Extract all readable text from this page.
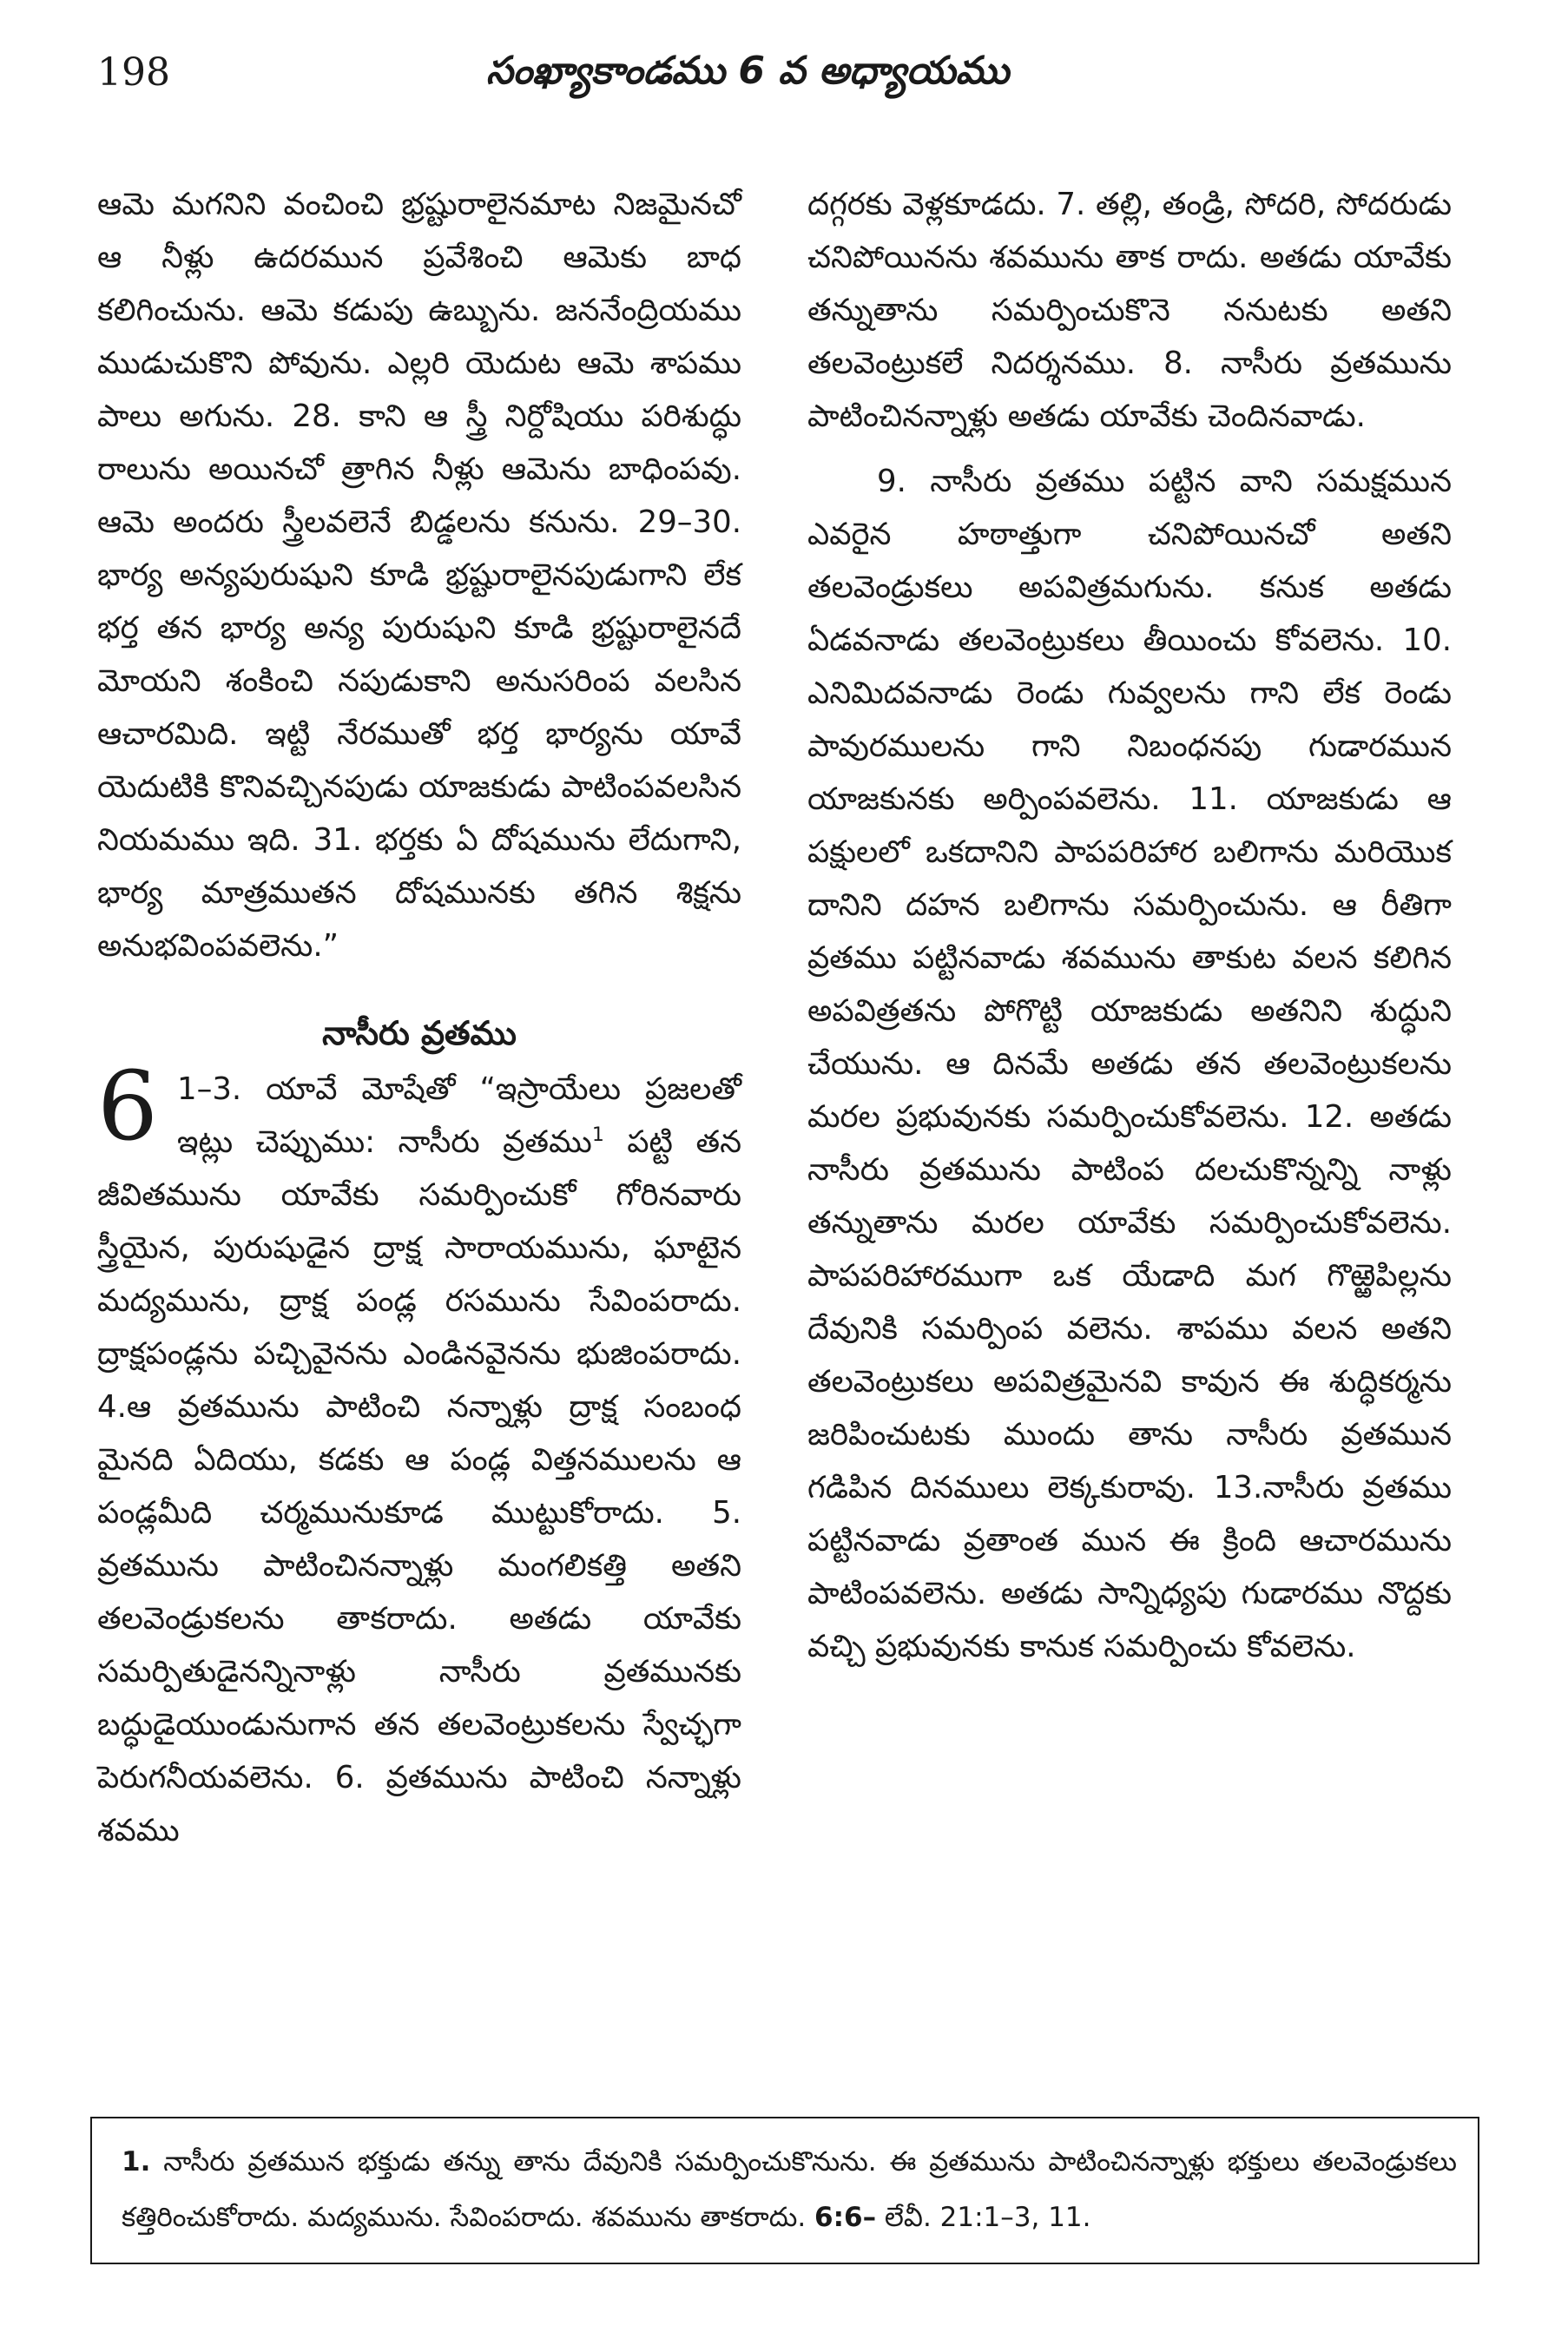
198	సంఖ్యాకాండము 6 వ అధ్యాయము

ఆమె మగనిని వంచించి భ్రష్టురాలైనమాట నిజమైనచో ఆ నీళ్లు ఉదరమున ప్రవేశించి ఆమెకు బాధ కలిగించును. ఆమె కడుపు ఉబ్బును. జననేంద్రియము ముడుచుకొని పోవును. ఎల్లరి యెదుట ఆమె శాపము పాలు అగును. 28. కాని ఆ స్త్రీ నిర్దోషియు పరిశుద్ధు రాలును అయినచో త్రాగిన నీళ్లు ఆమెను బాధింపవు. ఆమె అందరు స్త్రీలవలెనే బిడ్డలను కనును. 29–30. భార్య అన్యపురుషుని కూడి భ్రష్టురాలైనపుడుగాని లేక భర్త తన భార్య అన్య పురుషుని కూడి భ్రష్టురాలైనదే మోయని శంకించి నపుడుకాని అనుసరింప వలసిన ఆచారమిది. ఇట్టి నేరముతో భర్త భార్యను యావే యెదుటికి కొనివచ్చినపుడు యాజకుడు పాటింపవలసిన నియమము ఇది. 31. భర్తకు ఏ దోషమును లేదుగాని, భార్య మాత్రముతన దోషమునకు తగిన శిక్షను అనుభవింపవలెను.”

నాసీరు వ్రతము

6 1–3. యావే మోషేతో “ఇస్రాయేలు ప్రజలతో ఇట్లు చెప్పుము: నాసీరు వ్రతము$^1$ పట్టి తన జీవితమును యావేకు సమర్పించుకో గోరినవారు స్త్రీయైన, పురుషుడైన ద్రాక్ష సారాయమును, ఘాటైన మద్యమును, ద్రాక్ష పండ్ల రసమును సేవింపరాదు. ద్రాక్షపండ్లను పచ్చివైనను ఎండినవైనను భుజింపరాదు. 4.ఆ వ్రతమును పాటించి నన్నాళ్లు ద్రాక్ష సంబంధ మైనది ఏదియు, కడకు ఆ పండ్ల విత్తనములను ఆ పండ్లమీది చర్మమునుకూడ ముట్టుకోరాదు. 5. వ్రతమును పాటించినన్నాళ్లు మంగలికత్తి అతని తలవెండ్రుకలను తాకరాదు. అతడు యావేకు సమర్పితుడైనన్నినాళ్లు నాసీరు వ్రతమునకు బద్ధుడైయుండునుగాన తన తలవెంట్రుకలను స్వేచ్ఛగా పెరుగనీయవలెను. 6. వ్రతమును పాటించి నన్నాళ్లు శవము

దగ్గరకు వెళ్లకూడదు. 7. తల్లి, తండ్రి, సోదరి, సోదరుడు చనిపోయినను శవమును తాక రాదు. అతడు యావేకు తన్నుతాను సమర్పించుకొనె ననుటకు అతని తలవెంట్రుకలే నిదర్శనము. 8. నాసీరు వ్రతమును పాటించినన్నాళ్లు అతడు యావేకు చెందినవాడు.

9. నాసీరు వ్రతము పట్టిన వాని సమక్షమున ఎవరైన హఠాత్తుగా చనిపోయినచో అతని తలవెండ్రుకలు అపవిత్రమగును. కనుక అతడు ఏడవనాడు తలవెంట్రుకలు తీయించు కోవలెను. 10. ఎనిమిదవనాడు రెండు గువ్వలను గాని లేక రెండు పావురములను గాని నిబంధనపు గుడారమున యాజకునకు అర్పింపవలెను. 11. యాజకుడు ఆ పక్షులలో ఒకదానిని పాపపరిహార బలిగాను మరియొక దానిని దహన బలిగాను సమర్పించును. ఆ రీతిగా వ్రతము పట్టినవాడు శవమును తాకుట వలన కలిగిన అపవిత్రతను పోగొట్టి యాజకుడు అతనిని శుద్ధుని చేయును. ఆ దినమే అతడు తన తలవెంట్రుకలను మరల ప్రభువునకు సమర్పించుకోవలెను. 12. అతడు నాసీరు వ్రతమును పాటింప దలచుకొన్నన్ని నాళ్లు తన్నుతాను మరల యావేకు సమర్పించుకోవలెను. పాపపరిహారముగా ఒక యేడాది మగ గొఱ్ఱెపిల్లను దేవునికి సమర్పింప వలెను. శాపము వలన అతని తలవెంట్రుకలు అపవిత్రమైనవి కావున ఈ శుద్ధికర్మను జరిపించుటకు ముందు తాను నాసీరు వ్రతమున గడిపిన దినములు లెక్కకురావు. 13.నాసీరు వ్రతము పట్టినవాడు వ్రతాంత మున ఈ క్రింది ఆచారమును పాటింపవలెను. అతడు సాన్నిధ్యపు గుడారము నొద్దకు వచ్చి ప్రభువునకు కానుక సమర్పించు కోవలెను.

1. నాసీరు వ్రతమున భక్తుడు తన్ను తాను దేవునికి సమర్పించుకొనును. ఈ వ్రతమును పాటించినన్నాళ్లు భక్తులు తలవెండ్రుకలు కత్తిరించుకోరాదు. మద్యమును. సేవింపరాదు. శవమును తాకరాదు. 6:6– లేవీ. 21:1–3, 11.
